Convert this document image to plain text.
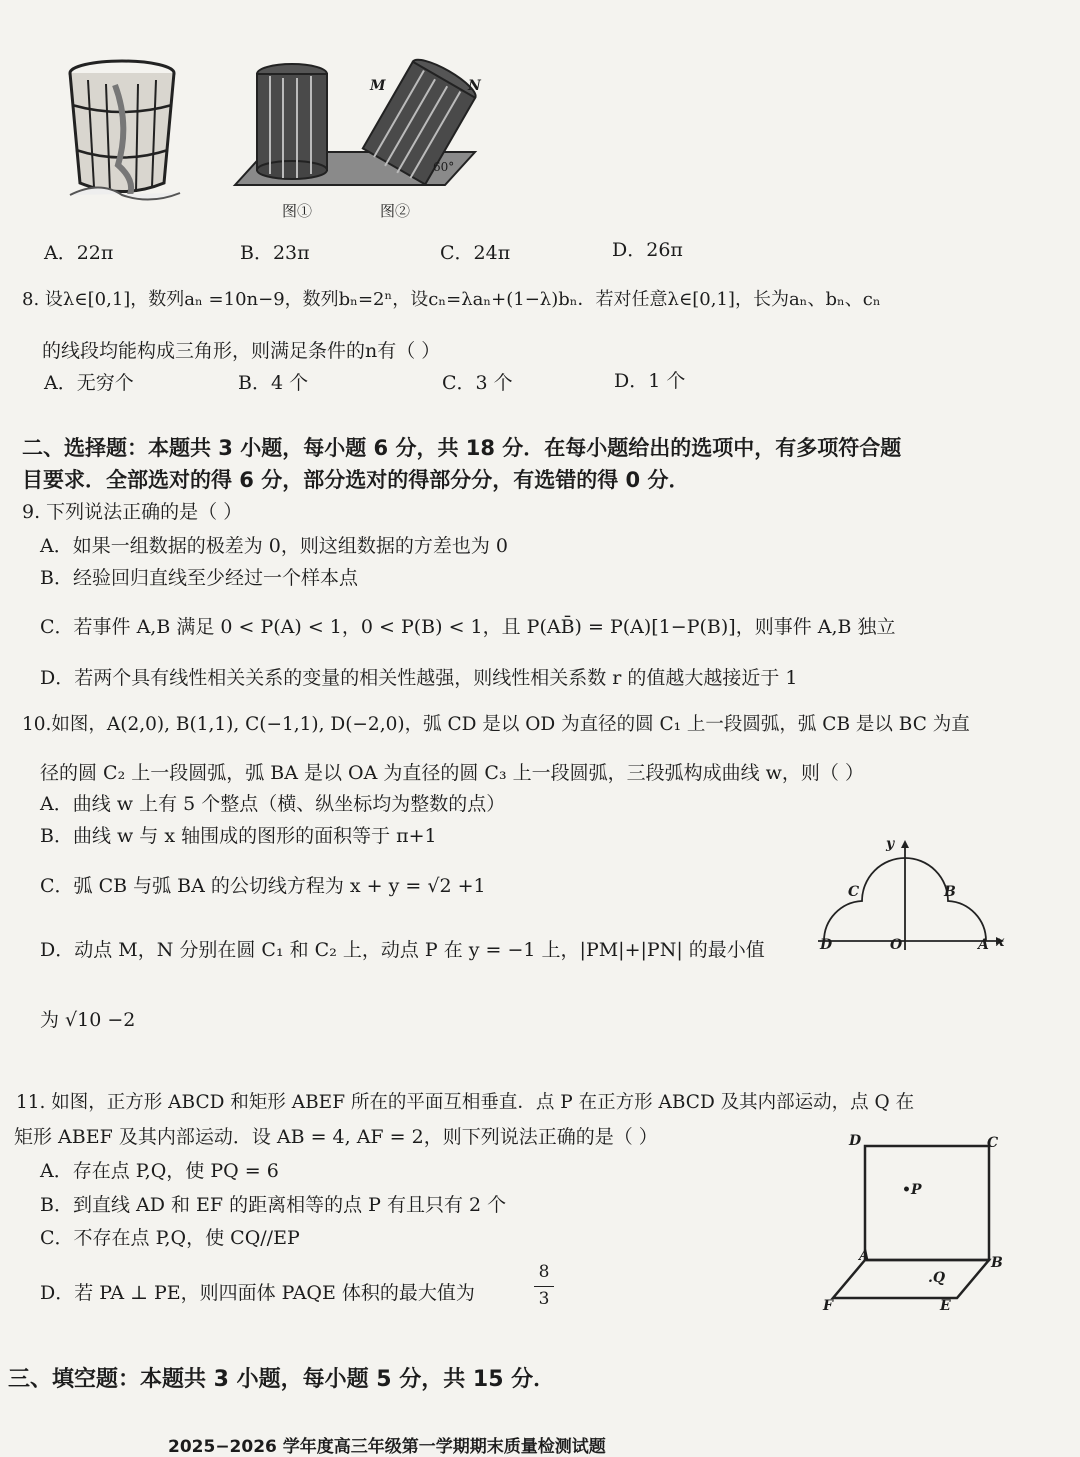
M	N
60°
图①	图②
A．22π	B．23π	C．24π	D．26π
8. 设λ∈[0,1]，数列aₙ =10n−9，数列bₙ=2ⁿ，设cₙ=λaₙ+(1−λ)bₙ．若对任意λ∈[0,1]，长为aₙ、bₙ、cₙ
的线段均能构成三角形，则满足条件的n有（ ）
A．无穷个	B．4 个	C．3 个	D．1 个
二、选择题：本题共 3 小题，每小题 6 分，共 18 分．在每小题给出的选项中，有多项符合题
目要求．全部选对的得 6 分，部分选对的得部分分，有选错的得 0 分．
9. 下列说法正确的是（ ）
A．如果一组数据的极差为 0，则这组数据的方差也为 0
B．经验回归直线至少经过一个样本点
C．若事件 A,B 满足 0 < P(A) < 1，0 < P(B) < 1，且 P(AB̄) = P(A)[1−P(B)]，则事件 A,B 独立
D．若两个具有线性相关关系的变量的相关性越强，则线性相关系数 r 的值越大越接近于 1
10.如图，A(2,0), B(1,1), C(−1,1), D(−2,0)，弧 CD 是以 OD 为直径的圆 C₁ 上一段圆弧，弧 CB 是以 BC 为直
径的圆 C₂ 上一段圆弧，弧 BA 是以 OA 为直径的圆 C₃ 上一段圆弧，三段弧构成曲线 w，则（ ）
A．曲线 w 上有 5 个整点（横、纵坐标均为整数的点）
B．曲线 w 与 x 轴围成的图形的面积等于 π+1
C．弧 CB 与弧 BA 的公切线方程为 x + y = √2 +1
D．动点 M，N 分别在圆 C₁ 和 C₂ 上，动点 P 在 y = −1 上，|PM|+|PN| 的最小值
为 √10 −2
y
x
O	A
B
C
D
11. 如图，正方形 ABCD 和矩形 ABEF 所在的平面互相垂直．点 P 在正方形 ABCD 及其内部运动，点 Q 在
矩形 ABEF 及其内部运动．设 AB = 4, AF = 2，则下列说法正确的是（ ）
A．存在点 P,Q，使 PQ = 6
B．到直线 AD 和 EF 的距离相等的点 P 有且只有 2 个
C．不存在点 P,Q，使 CQ//EP
D．若 PA ⊥ PE，则四面体 PAQE 体积的最大值为
8
3
D	C
•P
A	B
.Q
F	E
三、填空题：本题共 3 小题，每小题 5 分，共 15 分．
2025−2026 学年度高三年级第一学期期末质量检测试题
